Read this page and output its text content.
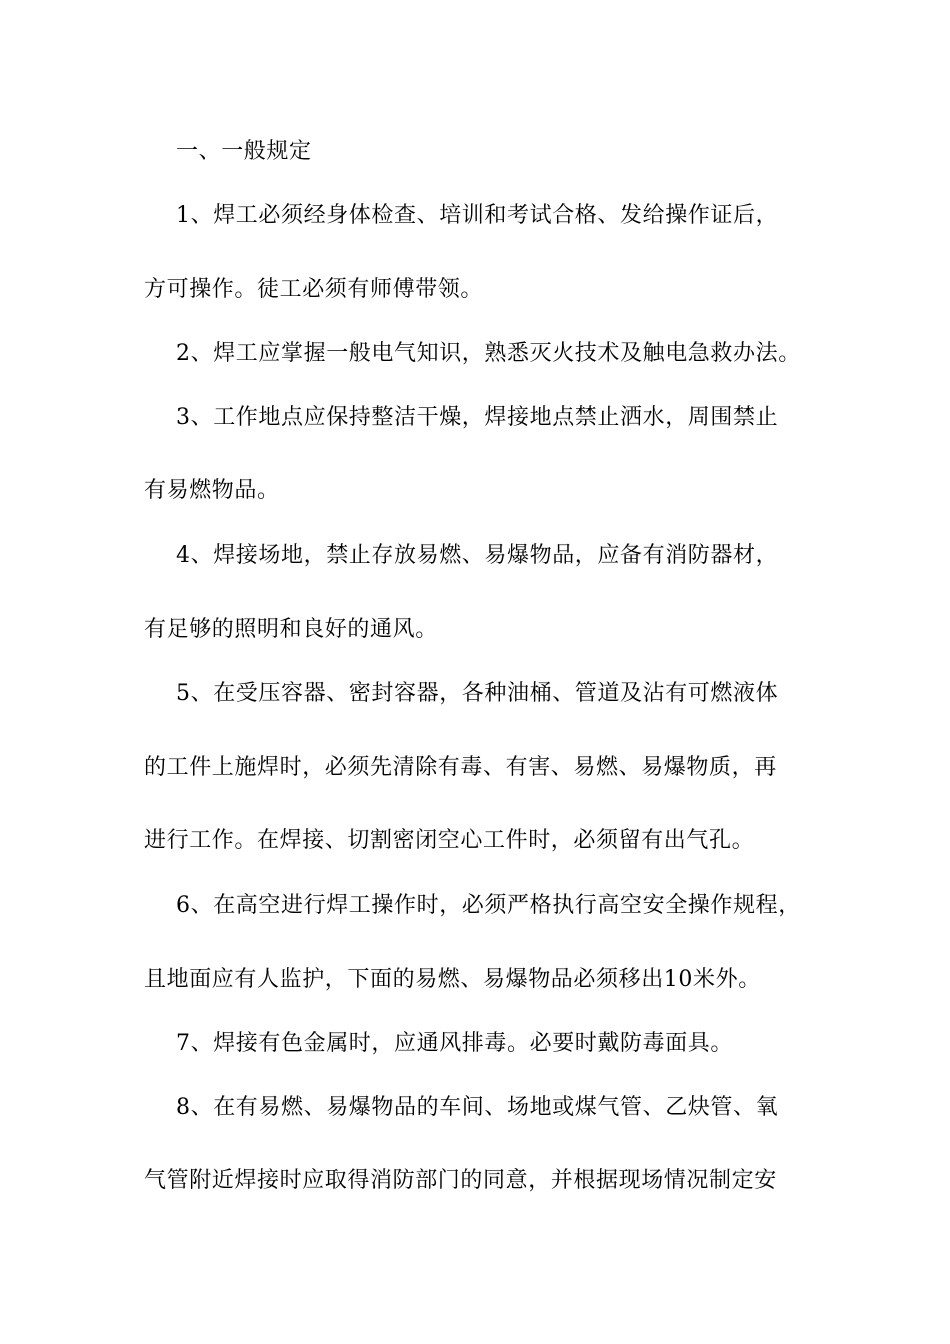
一、一般规定
1、焊工必须经身体检查、培训和考试合格、发给操作证后，
方可操作。徒工必须有师傅带领。
2、焊工应掌握一般电气知识，熟悉灭火技术及触电急救办法。
3、工作地点应保持整洁干燥，焊接地点禁止洒水，周围禁止
有易燃物品。
4、焊接场地，禁止存放易燃、易爆物品，应备有消防器材，
有足够的照明和良好的通风。
5、在受压容器、密封容器，各种油桶、管道及沾有可燃液体
的工件上施焊时，必须先清除有毒、有害、易燃、易爆物质，再
进行工作。在焊接、切割密闭空心工件时，必须留有出气孔。
6、在高空进行焊工操作时，必须严格执行高空安全操作规程，
且地面应有人监护，下面的易燃、易爆物品必须移出10米外。
7、焊接有色金属时，应通风排毒。必要时戴防毒面具。
8、在有易燃、易爆物品的车间、场地或煤气管、乙炔管、氧
气管附近焊接时应取得消防部门的同意，并根据现场情况制定安
